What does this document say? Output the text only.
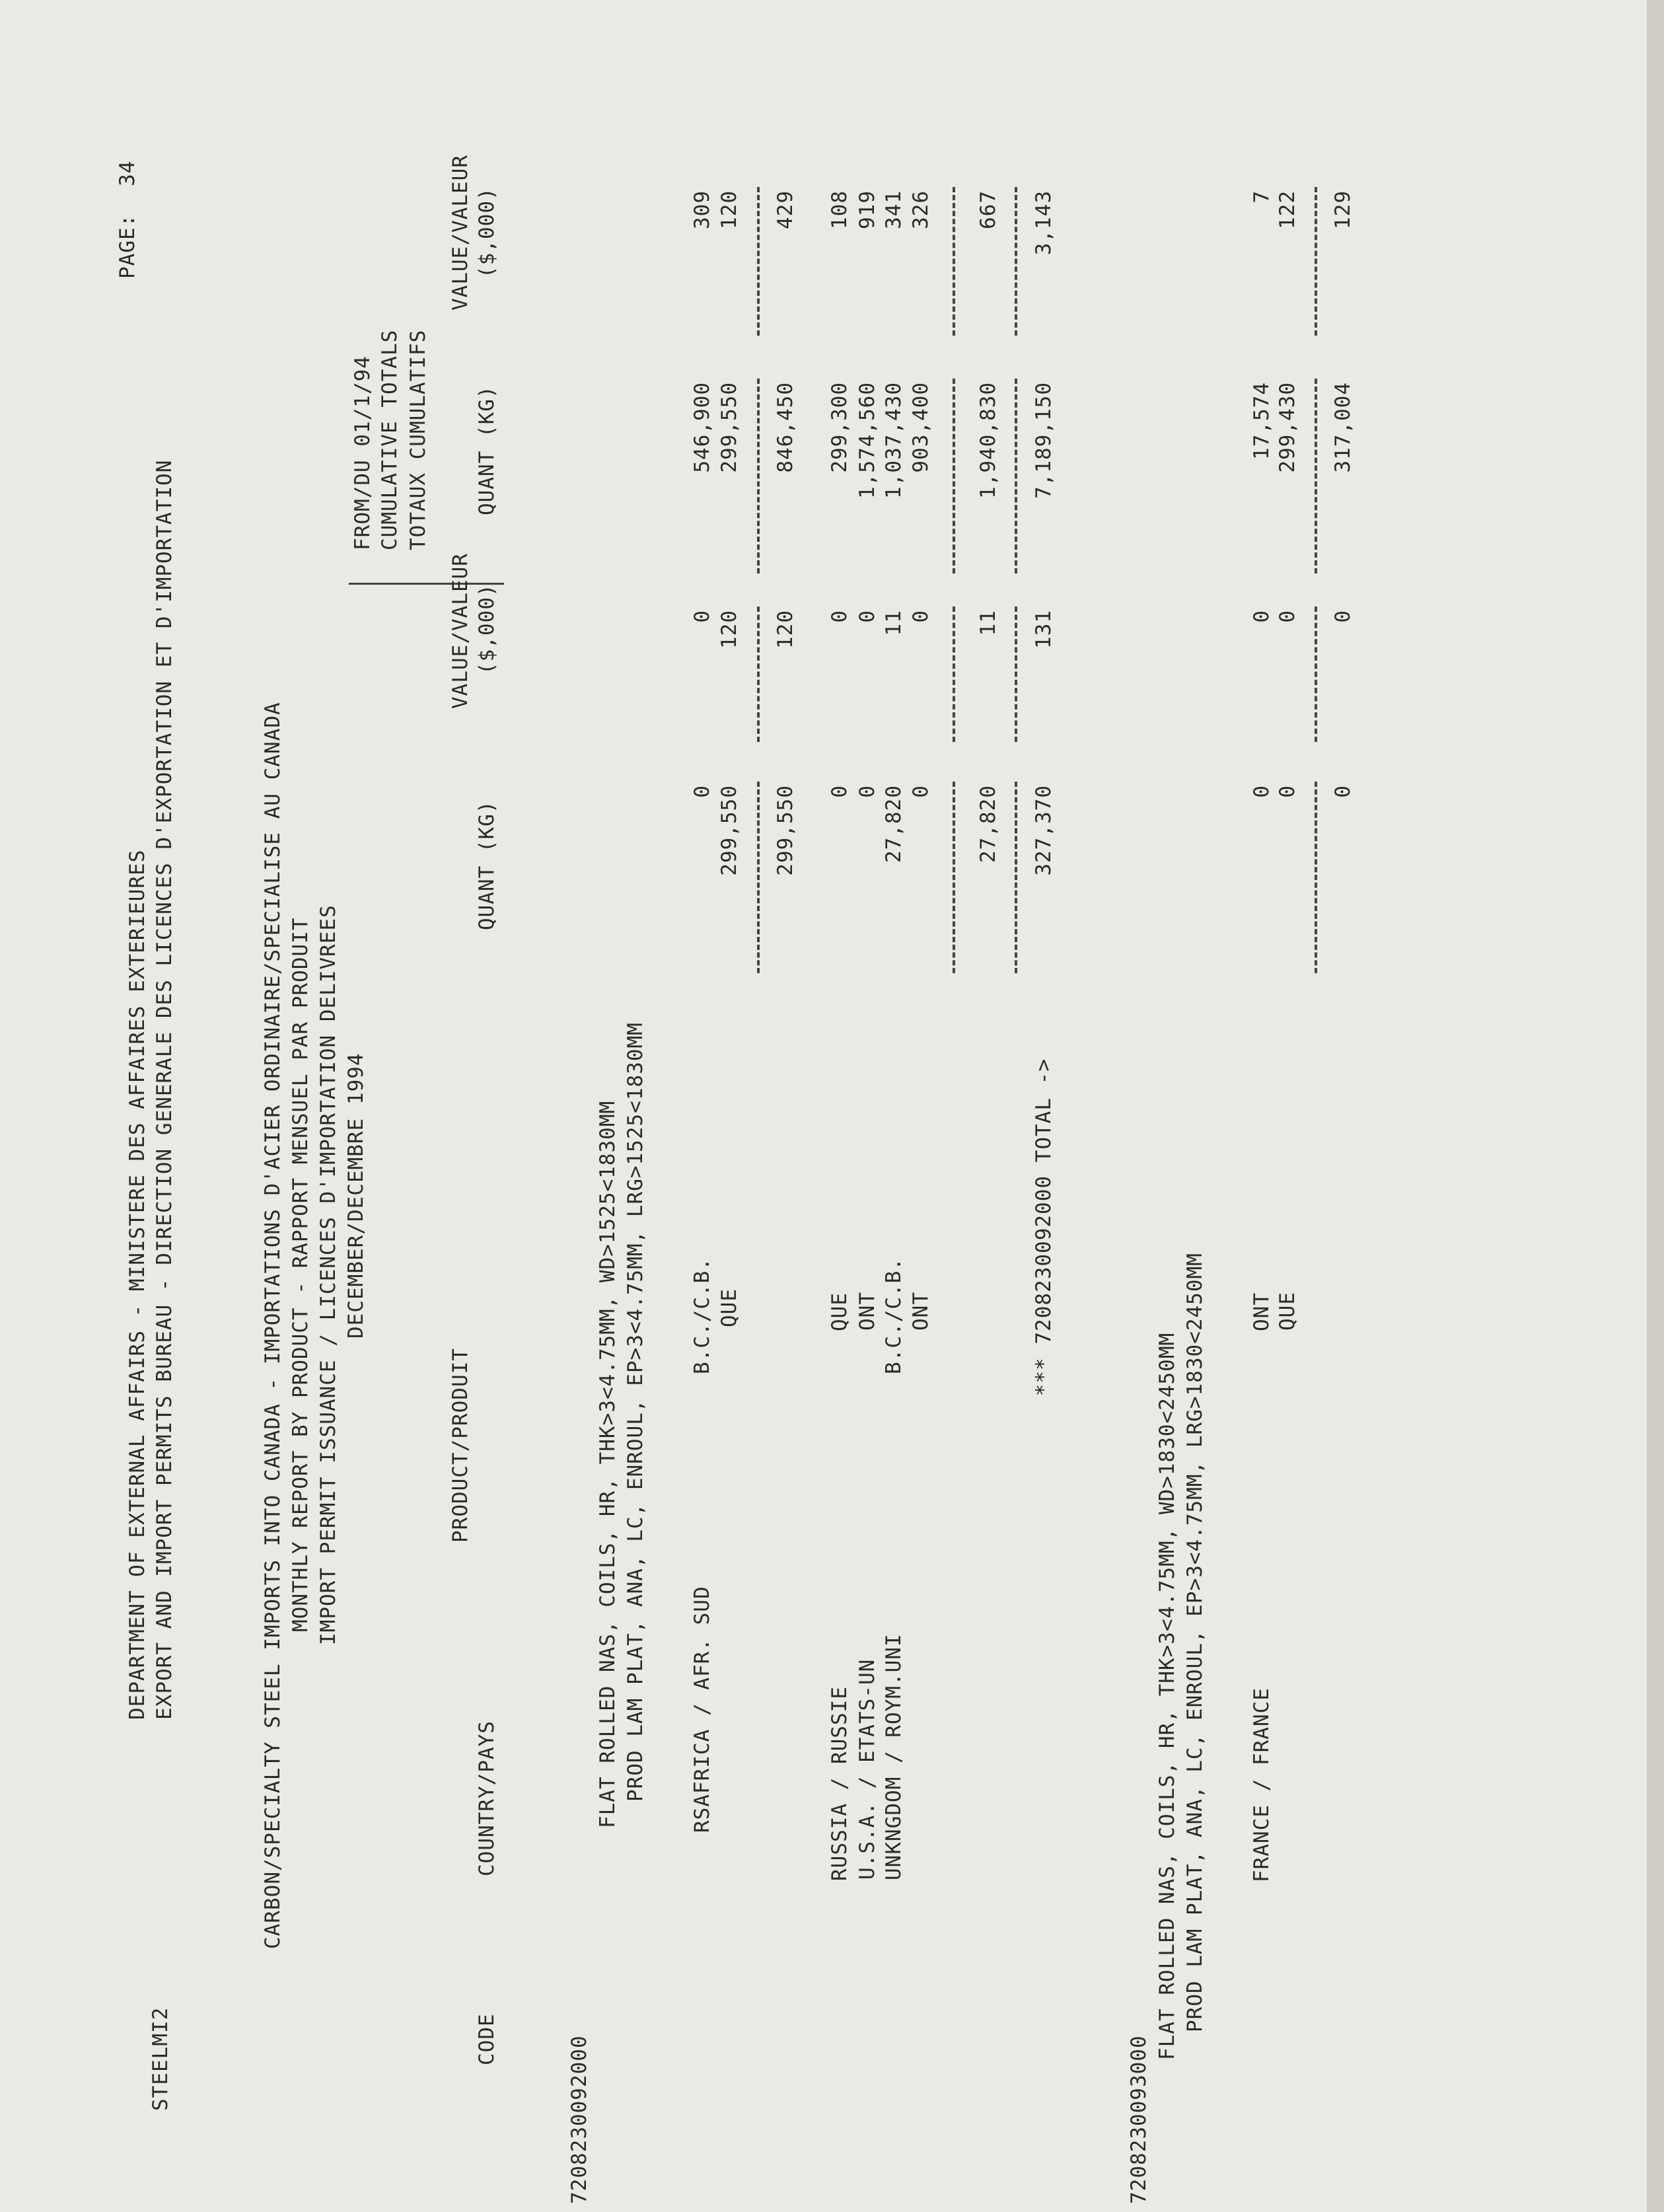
STEELMI2
DEPARTMENT OF EXTERNAL AFFAIRS - MINISTERE DES AFFAIRES EXTERIEURES
PAGE:
34
EXPORT AND IMPORT PERMITS BUREAU - DIRECTION GENERALE DES LICENCES D'EXPORTATION ET D'IMPORTATION	CARBON/SPECIALTY STEEL IMPORTS INTO CANADA - IMPORTATIONS D'ACIER ORDINAIRE/SPECIALISE AU CANADA MONTHLY REPORT BY PRODUCT - RAPPORT MENSUEL PAR PRODUIT IMPORT PERMIT ISSUANCE / LICENCES D'IMPORTATION DELIVREES DECEMBER/DECEMBRE 1994
FROM/DU 01/1/94 CUMULATIVE TOTALS TOTAUX CUMULATIFS
CODE
PRODUCT/PRODUIT
COUNTRY/PAYS
QUANT (KG)
VALUE/VALEUR ($,000)
QUANT (KG)
VALUE/VALEUR ($,000)
7208230092000
FLAT ROLLED NAS, COILS, HR, THK>3<4.75MM, WD>1525<1830MM PROD LAM PLAT, ANA, LC, ENROUL, EP>3<4.75MM, LRG>1525<1830MM RSAFRICA / AFR. SUD
B.C./C.B.
0
0
546,900
309
QUE
299,550
120
299,550
120
299,550
120
846,450
429
RUSSIA / RUSSIE
QUE
0
0
299,300
108
U.S.A. / ETATS-UN
ONT
0
0
1,574,560
919
UNKNGDOM / ROYM.UNI
B.C./C.B.
27,820
11
1,037,430
341
ONT
0
0
903,400
326
27,820
11
1,940,830
667
*** 7208230092000 TOTAL ->
327,370
131
7,189,150
3,143
7208230093000
FLAT ROLLED NAS, COILS, HR, THK>3<4.75MM, WD>1830<2450MM PROD LAM PLAT, ANA, LC, ENROUL, EP>3<4.75MM, LRG>1830<2450MM FRANCE / FRANCE
ONT
0
0
17,574
7
QUE
0
0
299,430
122
0
0
317,004
129
